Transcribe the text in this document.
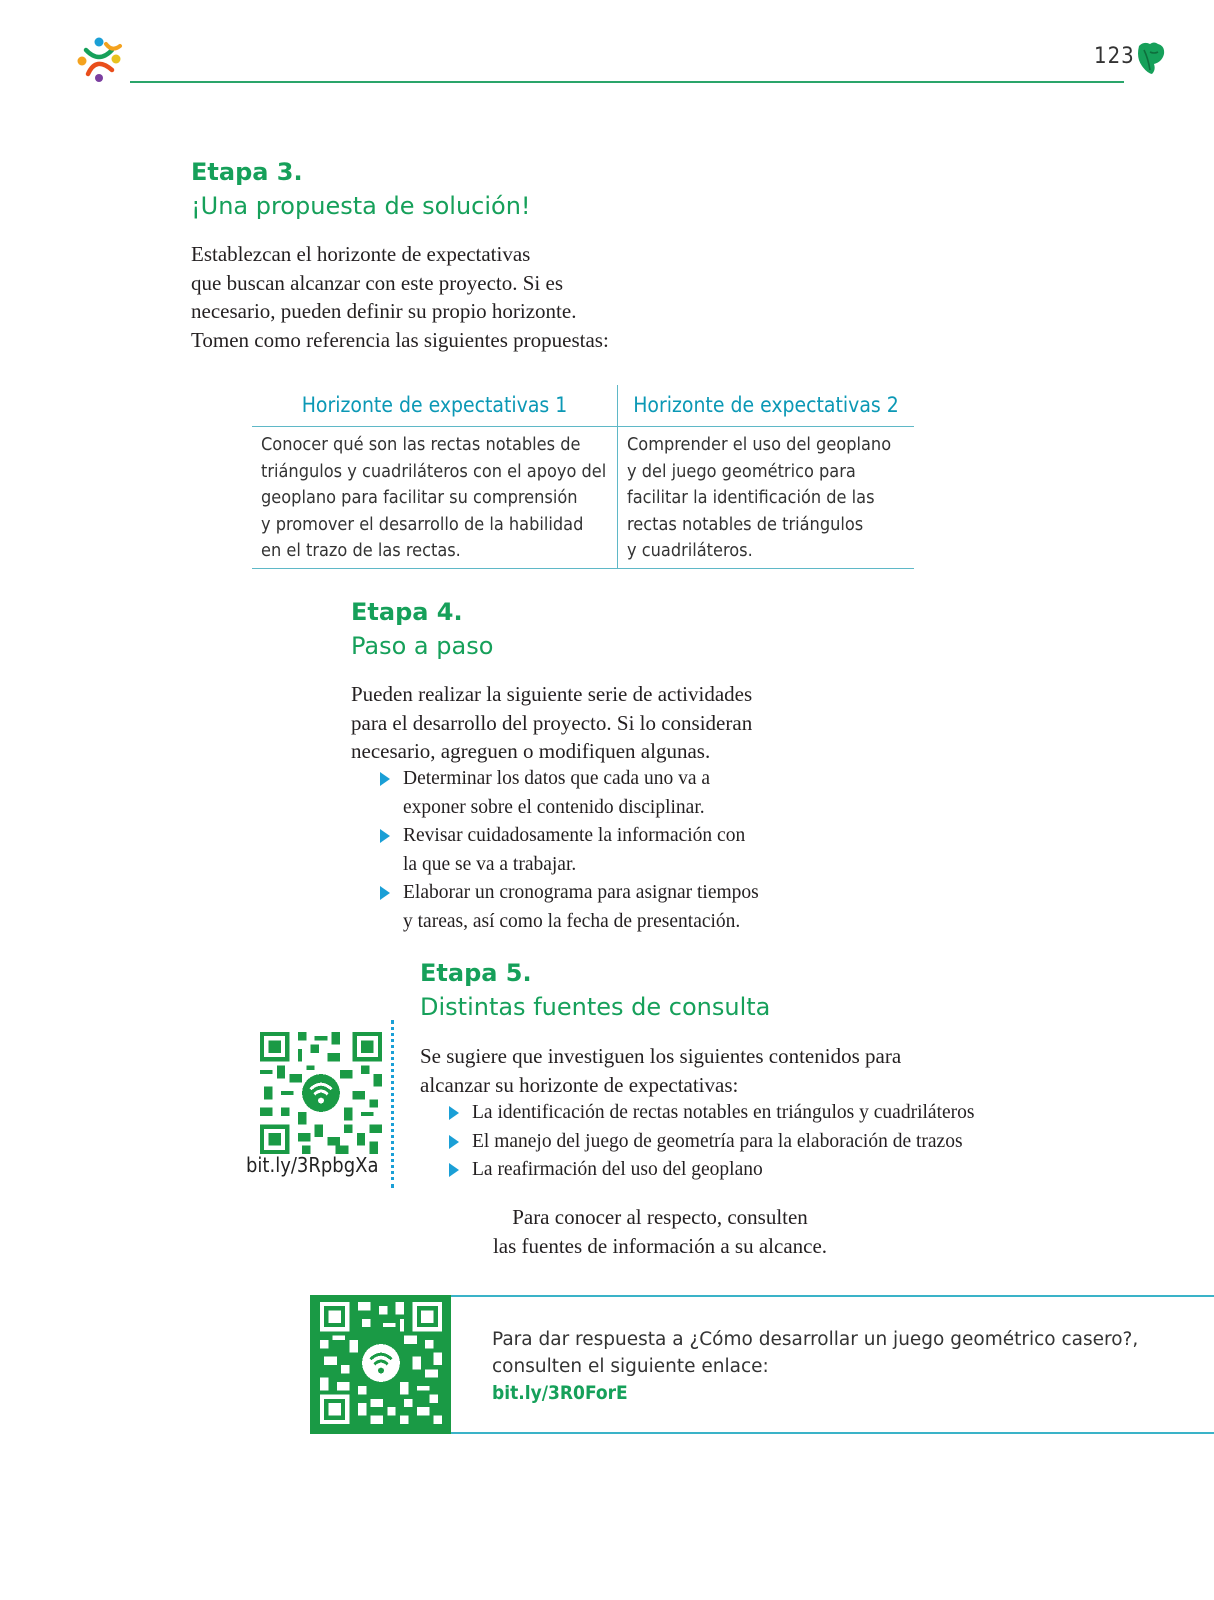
123
Etapa 3.
¡Una propuesta de solución!

Establezcan el horizonte de expectativas

que buscan alcanzar con este proyecto. Si es

necesario, pueden definir su propio horizonte.

Tomen como referencia las siguientes propuestas:

Horizonte de expectativas 1
Conocer qué son las rectas notables de
triángulos y cuadriláteros con el apoyo del
geoplano para facilitar su comprensión
y promover el desarrollo de la habilidad
en el trazo de las rectas.
Horizonte de expectativas 2
Comprender el uso del geoplano
y del juego geométrico para
facilitar la identificación de las
rectas notables de triángulos
y cuadriláteros.
Etapa 4.
Paso a paso

Pueden realizar la siguiente serie de actividades

para el desarrollo del proyecto. Si lo consideran

necesario, agreguen o modifiquen algunas.

Determinar los datos que cada uno va a
exponer sobre el contenido disciplinar.
Revisar cuidadosamente la información con
la que se va a trabajar.
Elaborar un cronograma para asignar tiempos
y tareas, así como la fecha de presentación.
Etapa 5.
Distintas fuentes de consulta
bit.ly/3RpbgXa

Se sugiere que investiguen los siguientes contenidos para

alcanzar su horizonte de expectativas:

La identificación de rectas notables en triángulos y cuadriláteros
El manejo del juego de geometría para la elaboración de trazos
La reafirmación del uso del geoplano

Para conocer al respecto, consulten

las fuentes de información a su alcance.

Para dar respuesta a ¿Cómo desarrollar un juego geométrico casero?,
consulten el siguiente enlace:
bit.ly/3R0ForE
